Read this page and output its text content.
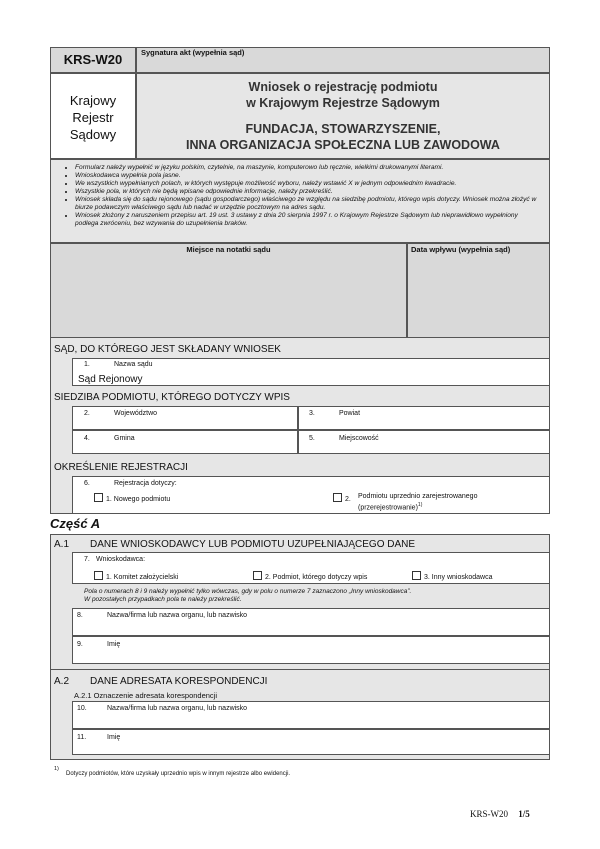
KRS-W20	Sygnatura akt (wypełnia sąd)
Krajowy
Rejestr
Sądowy
Wniosek o rejestrację podmiotu
w Krajowym Rejestrze Sądowym
FUNDACJA, STOWARZYSZENIE,
INNA ORGANIZACJA SPOŁECZNA LUB ZAWODOWA
• Formularz należy wypełnić w języku polskim, czytelnie, na maszynie, komputerowo lub ręcznie, wielkimi drukowanymi literami.
• Wnioskodawca wypełnia pola jasne.
• We wszystkich wypełnianych polach, w których występuje możliwość wyboru, należy wstawić X w jednym odpowiednim kwadracie.
• Wszystkie pola, w których nie będą wpisane odpowiednie informacje, należy przekreślić.
• Wniosek składa się do sądu rejonowego (sądu gospodarczego) właściwego ze względu na siedzibę podmiotu, którego wpis dotyczy. Wniosek można złożyć w biurze podawczym właściwego sądu lub nadać w urzędzie pocztowym na adres sądu.
• Wniosek złożony z naruszeniem przepisu art. 19 ust. 3 ustawy z dnia 20 sierpnia 1997 r. o Krajowym Rejestrze Sądowym lub nieprawidłowo wypełniony podlega zwróceniu, bez wzywania do uzupełnienia braków.
Miejsce na notatki sądu	Data wpływu (wypełnia sąd)
SĄD, DO KTÓREGO JEST SKŁADANY WNIOSEK
1.	Nazwa sądu
Sąd Rejonowy
SIEDZIBA PODMIOTU, KTÓREGO DOTYCZY WPIS
2.	Województwo	3.	Powiat
4.	Gmina	5.	Miejscowość
OKREŚLENIE REJESTRACJI
6.	Rejestracja dotyczy:
1. Nowego podmiotu	2. Podmiotu uprzednio zarejestrowanego
(przerejestrowanie)$^{1)}$
Część A
A.1 DANE WNIOSKODAWCY LUB PODMIOTU UZUPEŁNIAJĄCEGO DANE
7. Wnioskodawca:
1. Komitet założycielski	2. Podmiot, którego dotyczy wpis	3. Inny wnioskodawca
Pola o numerach 8 i 9 należy wypełnić tylko wówczas, gdy w polu o numerze 7 zaznaczono „Inny wnioskodawca”.
W pozostałych przypadkach pola te należy przekreślić.
8.	Nazwa/firma lub nazwa organu, lub nazwisko
9.	Imię
A.2 DANE ADRESATA KORESPONDENCJI
A.2.1 Oznaczenie adresata korespondencji
10.	Nazwa/firma lub nazwa organu, lub nazwisko
11.	Imię
1)
Dotyczy podmiotów, które uzyskały uprzednio wpis w innym rejestrze albo ewidencji.
KRS-W20 1/5
